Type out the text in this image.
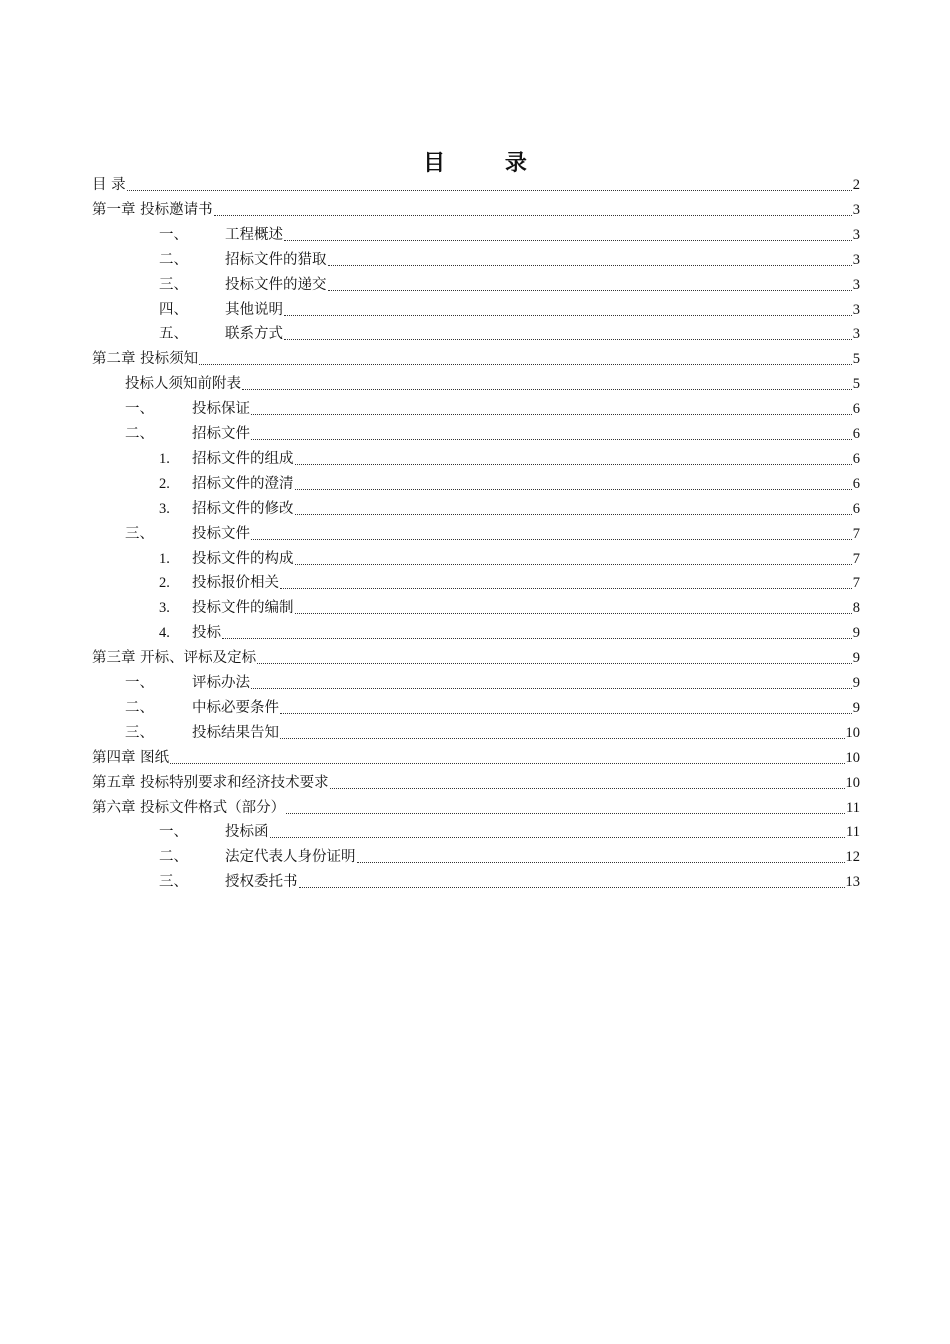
目 录
目 录	2
第一章 投标邀请书	3
一、	工程概述	3
二、	招标文件的猎取	3
三、	投标文件的递交	3
四、	其他说明	3
五、	联系方式	3
第二章 投标须知	5
投标人须知前附表	5
一、	投标保证	6
二、	招标文件	6
1.	招标文件的组成	6
2.	招标文件的澄清	6
3.	招标文件的修改	6
三、	投标文件	7
1.	投标文件的构成	7
2.	投标报价相关	7
3.	投标文件的编制	8
4.	投标	9
第三章 开标、评标及定标	9
一、	评标办法	9
二、	中标必要条件	9
三、	投标结果告知	10
第四章 图纸	10
第五章 投标特别要求和经济技术要求	10
第六章 投标文件格式（部分）	11
一、	投标函	11
二、	法定代表人身份证明	12
三、	授权委托书	13
